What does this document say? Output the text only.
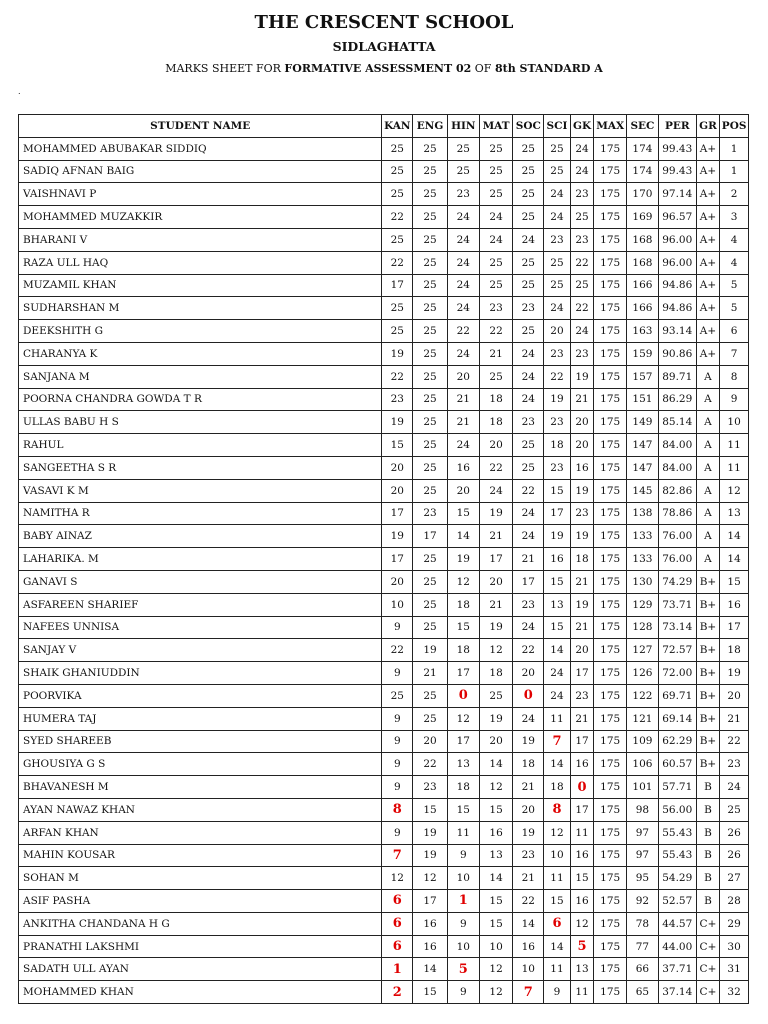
THE CRESCENT SCHOOL
SIDLAGHATTA
MARKS SHEET FOR FORMATIVE ASSESSMENT 02 OF 8th STANDARD A
.
STUDENT NAME	KAN	ENG	HIN	MAT	SOC	SCI	GK	MAX	SEC	PER	GR	POS
MOHAMMED ABUBAKAR SIDDIQ	25	25	25	25	25	25	24	175	174	99.43	A+	1
SADIQ AFNAN BAIG	25	25	25	25	25	25	24	175	174	99.43	A+	1
VAISHNAVI P	25	25	23	25	25	24	23	175	170	97.14	A+	2
MOHAMMED MUZAKKIR	22	25	24	24	25	24	25	175	169	96.57	A+	3
BHARANI V	25	25	24	24	24	23	23	175	168	96.00	A+	4
RAZA ULL HAQ	22	25	24	25	25	25	22	175	168	96.00	A+	4
MUZAMIL KHAN	17	25	24	25	25	25	25	175	166	94.86	A+	5
SUDHARSHAN M	25	25	24	23	23	24	22	175	166	94.86	A+	5
DEEKSHITH G	25	25	22	22	25	20	24	175	163	93.14	A+	6
CHARANYA K	19	25	24	21	24	23	23	175	159	90.86	A+	7
SANJANA M	22	25	20	25	24	22	19	175	157	89.71	A	8
POORNA CHANDRA GOWDA T R	23	25	21	18	24	19	21	175	151	86.29	A	9
ULLAS BABU H S	19	25	21	18	23	23	20	175	149	85.14	A	10
RAHUL	15	25	24	20	25	18	20	175	147	84.00	A	11
SANGEETHA S R	20	25	16	22	25	23	16	175	147	84.00	A	11
VASAVI K M	20	25	20	24	22	15	19	175	145	82.86	A	12
NAMITHA R	17	23	15	19	24	17	23	175	138	78.86	A	13
BABY AINAZ	19	17	14	21	24	19	19	175	133	76.00	A	14
LAHARIKA. M	17	25	19	17	21	16	18	175	133	76.00	A	14
GANAVI S	20	25	12	20	17	15	21	175	130	74.29	B+	15
ASFAREEN SHARIEF	10	25	18	21	23	13	19	175	129	73.71	B+	16
NAFEES UNNISA	9	25	15	19	24	15	21	175	128	73.14	B+	17
SANJAY V	22	19	18	12	22	14	20	175	127	72.57	B+	18
SHAIK GHANIUDDIN	9	21	17	18	20	24	17	175	126	72.00	B+	19
POORVIKA	25	25	0	25	0	24	23	175	122	69.71	B+	20
HUMERA TAJ	9	25	12	19	24	11	21	175	121	69.14	B+	21
SYED SHAREEB	9	20	17	20	19	7	17	175	109	62.29	B+	22
GHOUSIYA G S	9	22	13	14	18	14	16	175	106	60.57	B+	23
BHAVANESH M	9	23	18	12	21	18	0	175	101	57.71	B	24
AYAN NAWAZ KHAN	8	15	15	15	20	8	17	175	98	56.00	B	25
ARFAN KHAN	9	19	11	16	19	12	11	175	97	55.43	B	26
MAHIN KOUSAR	7	19	9	13	23	10	16	175	97	55.43	B	26
SOHAN M	12	12	10	14	21	11	15	175	95	54.29	B	27
ASIF PASHA	6	17	1	15	22	15	16	175	92	52.57	B	28
ANKITHA CHANDANA H G	6	16	9	15	14	6	12	175	78	44.57	C+	29
PRANATHI LAKSHMI	6	16	10	10	16	14	5	175	77	44.00	C+	30
SADATH ULL AYAN	1	14	5	12	10	11	13	175	66	37.71	C+	31
MOHAMMED KHAN	2	15	9	12	7	9	11	175	65	37.14	C+	32
